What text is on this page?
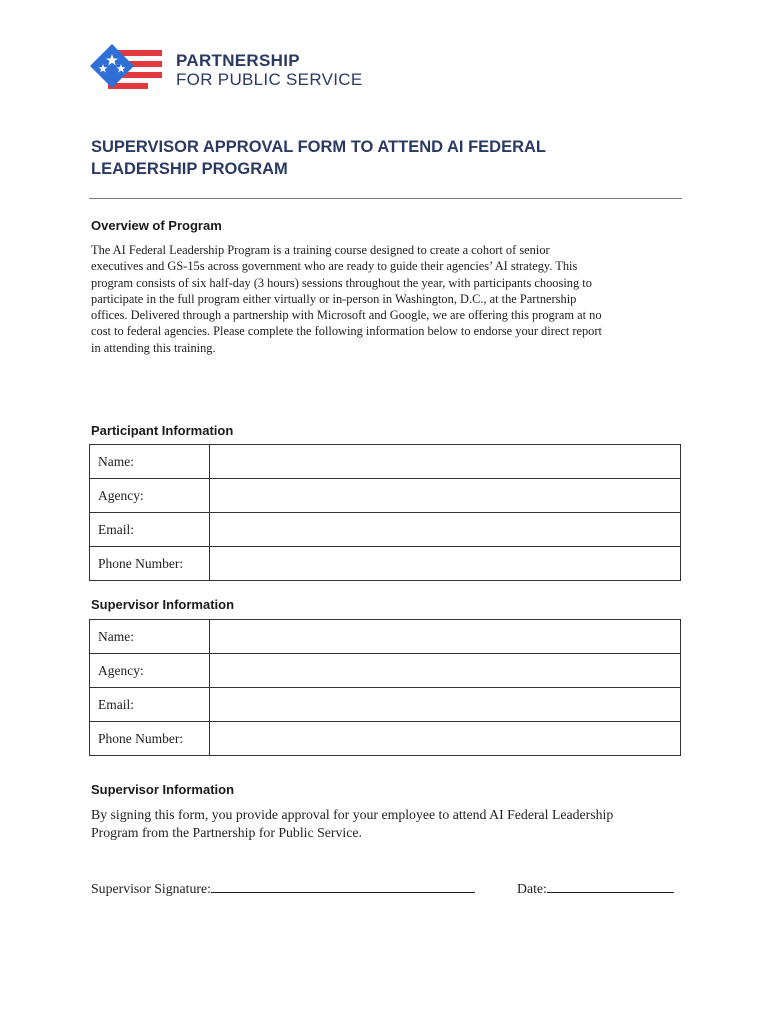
PARTNERSHIP
FOR PUBLIC SERVICE
SUPERVISOR APPROVAL FORM TO ATTEND AI FEDERAL
LEADERSHIP PROGRAM
Overview of Program
The AI Federal Leadership Program is a training course designed to create a cohort of senior
executives and GS-15s across government who are ready to guide their agencies’ AI strategy. This
program consists of six half-day (3 hours) sessions throughout the year, with participants choosing to
participate in the full program either virtually or in-person in Washington, D.C., at the Partnership
offices. Delivered through a partnership with Microsoft and Google, we are offering this program at no
cost to federal agencies. Please complete the following information below to endorse your direct report
in attending this training.
Participant Information
Name:	
Agency:	
Email:	
Phone Number:	
Supervisor Information
Name:	
Agency:	
Email:	
Phone Number:	
Supervisor Information
By signing this form, you provide approval for your employee to attend AI Federal Leadership
Program from the Partnership for Public Service.
Supervisor Signature:	Date:
